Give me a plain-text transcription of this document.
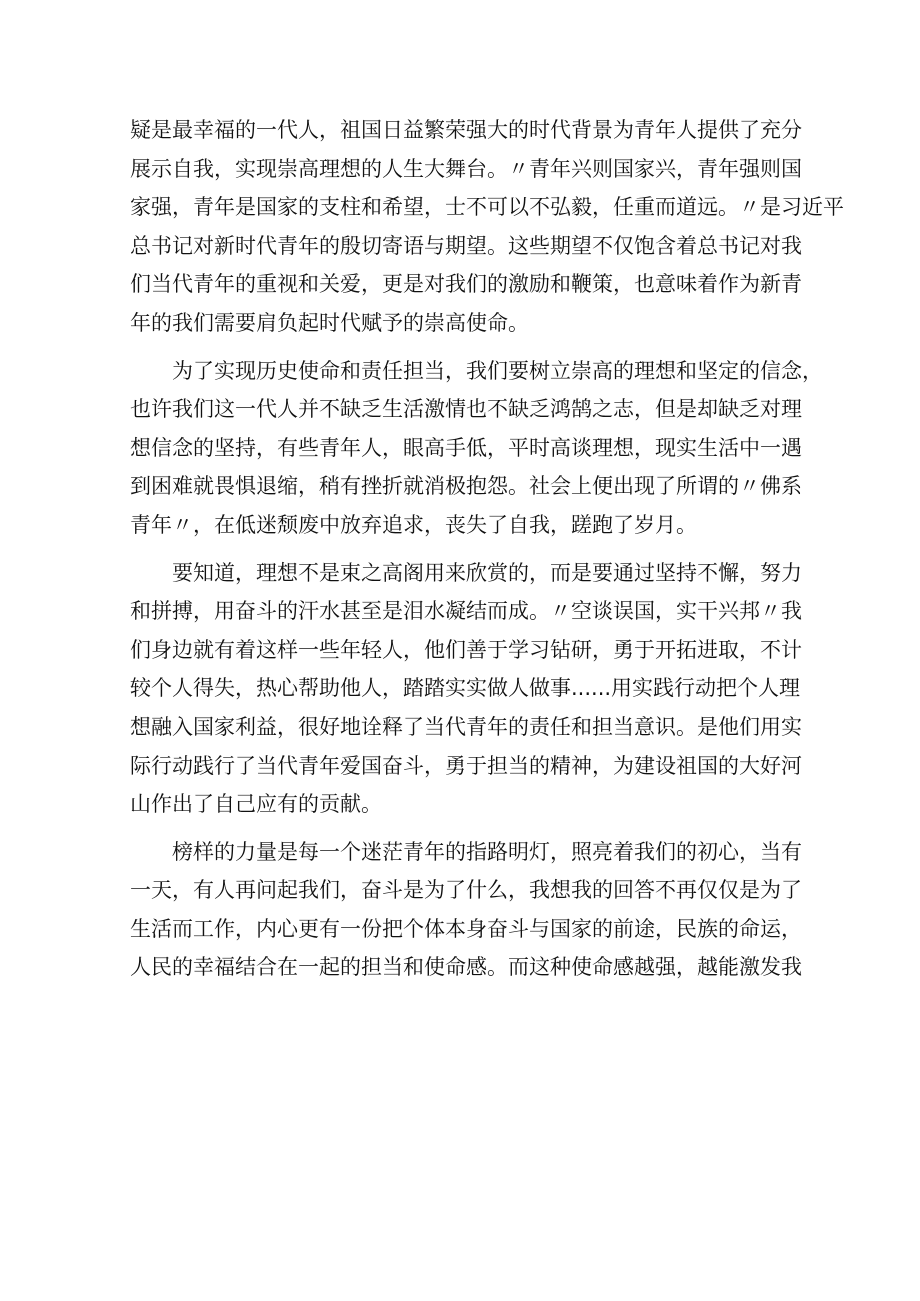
疑是最幸福的一代人，祖国日益繁荣强大的时代背景为青年人提供了充分
展示自我，实现崇高理想的人生大舞台。〃青年兴则国家兴，青年强则国
家强，青年是国家的支柱和希望，士不可以不弘毅，任重而道远。〃是习近平
总书记对新时代青年的殷切寄语与期望。这些期望不仅饱含着总书记对我
们当代青年的重视和关爱，更是对我们的激励和鞭策，也意味着作为新青
年的我们需要肩负起时代赋予的崇高使命。
为了实现历史使命和责任担当，我们要树立崇高的理想和坚定的信念，
也许我们这一代人并不缺乏生活激情也不缺乏鸿鹄之志，但是却缺乏对理
想信念的坚持，有些青年人，眼高手低，平时高谈理想，现实生活中一遇
到困难就畏惧退缩，稍有挫折就消极抱怨。社会上便出现了所谓的〃佛系
青年〃，在低迷颓废中放弃追求，丧失了自我，蹉跑了岁月。
要知道，理想不是束之高阁用来欣赏的，而是要通过坚持不懈，努力
和拼搏，用奋斗的汗水甚至是泪水凝结而成。〃空谈误国，实干兴邦〃我
们身边就有着这样一些年轻人，他们善于学习钻研，勇于开拓进取，不计
较个人得失，热心帮助他人，踏踏实实做人做事......用实践行动把个人理
想融入国家利益，很好地诠释了当代青年的责任和担当意识。是他们用实
际行动践行了当代青年爱国奋斗，勇于担当的精神，为建设祖国的大好河
山作出了自己应有的贡献。
榜样的力量是每一个迷茫青年的指路明灯，照亮着我们的初心，当有
一天，有人再问起我们，奋斗是为了什么，我想我的回答不再仅仅是为了
生活而工作，内心更有一份把个体本身奋斗与国家的前途，民族的命运，
人民的幸福结合在一起的担当和使命感。而这种使命感越强，越能激发我
